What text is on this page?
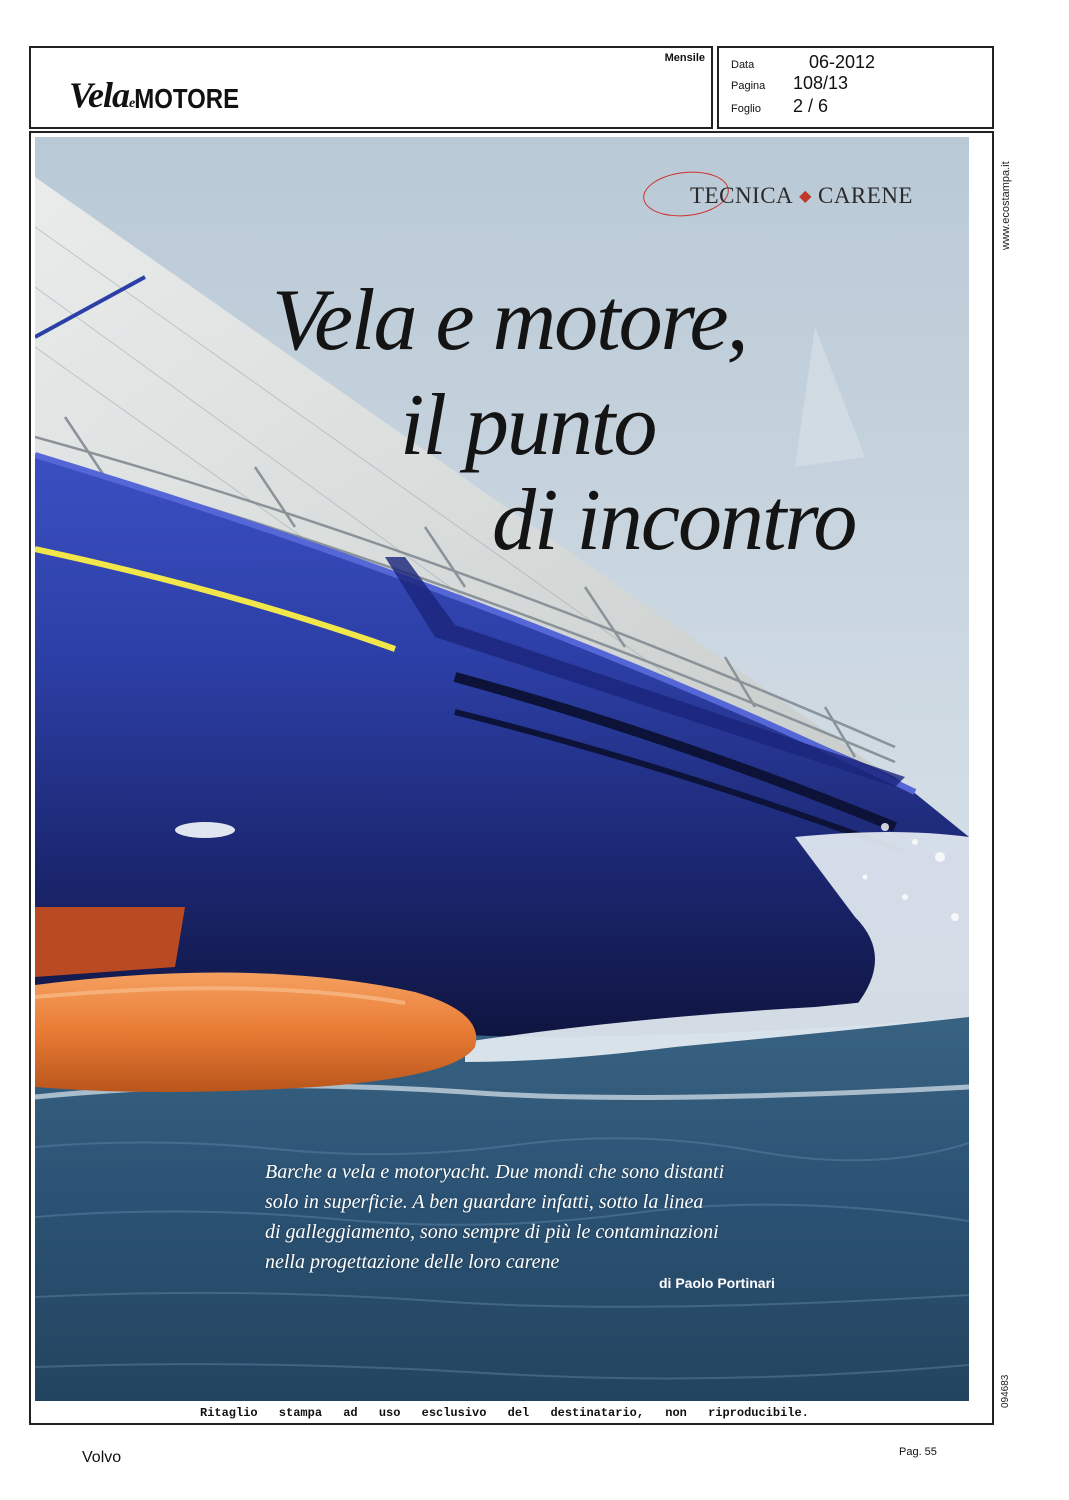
VelaeMOTORE
Mensile
Data	06-2012
Pagina	108/13
Foglio	2 / 6
TECNICA ◆ CARENE
Vela e motore,
il punto
di incontro
Barche a vela e motoryacht. Due mondi che sono distanti
solo in superficie. A ben guardare infatti, sotto la linea
di galleggiamento, sono sempre di più le contaminazioni
nella progettazione delle loro carene
di Paolo Portinari
www.ecostampa.it
094683
Ritaglio stampa ad uso esclusivo del destinatario, non riproducibile.
Volvo	Pag. 55
